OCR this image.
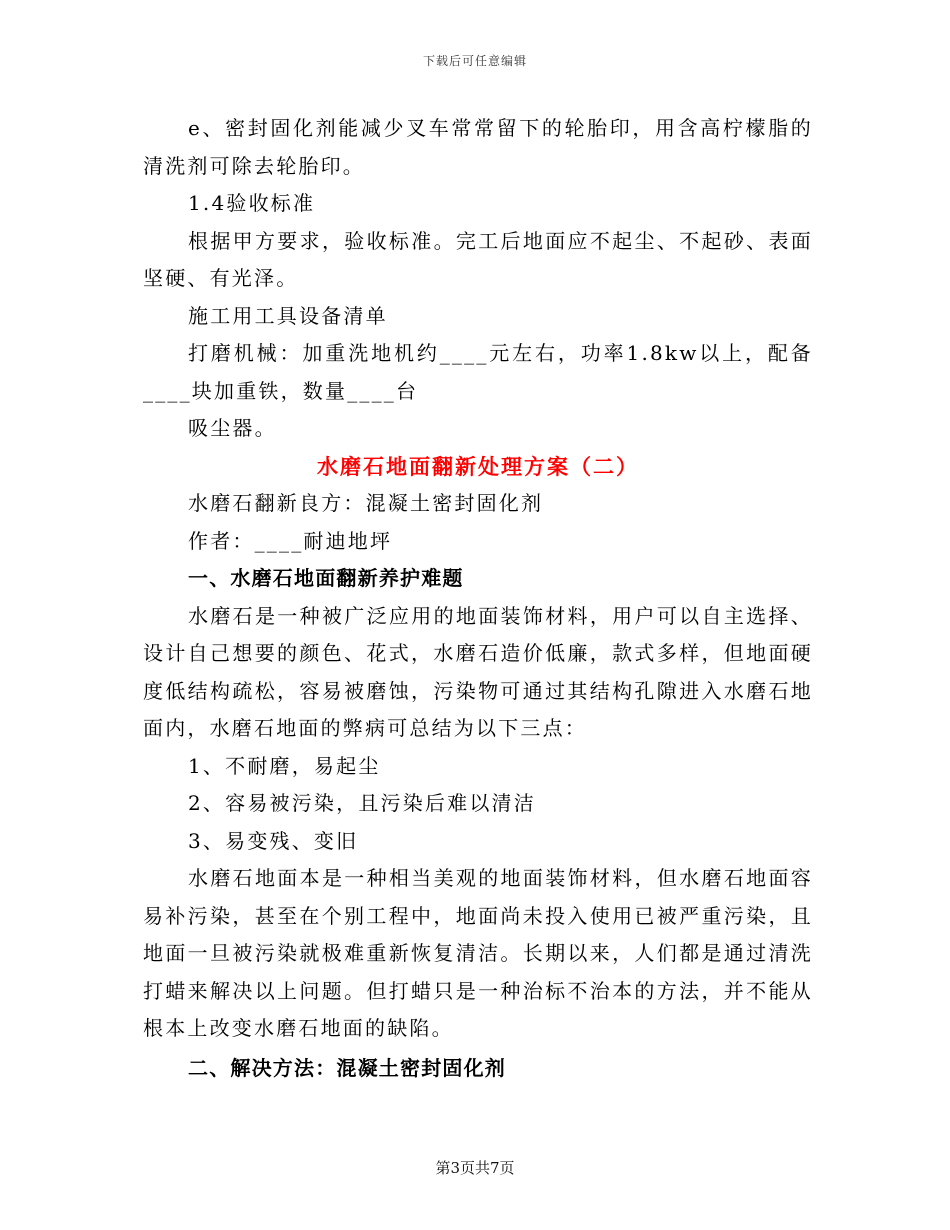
下载后可任意编辑

e、密封固化剂能减少叉车常常留下的轮胎印，用含高柠檬脂的清洗剂可除去轮胎印。

1.4验收标准

根据甲方要求，验收标准。完工后地面应不起尘、不起砂、表面坚硬、有光泽。

施工用工具设备清单

打磨机械：加重洗地机约____元左右，功率1.8kw以上，配备____块加重铁，数量____台

吸尘器。

水磨石地面翻新处理方案（二）

水磨石翻新良方：混凝土密封固化剂

作者：____耐迪地坪

一、水磨石地面翻新养护难题

水磨石是一种被广泛应用的地面装饰材料，用户可以自主选择、设计自己想要的颜色、花式，水磨石造价低廉，款式多样，但地面硬度低结构疏松，容易被磨蚀，污染物可通过其结构孔隙进入水磨石地面内，水磨石地面的弊病可总结为以下三点：

1、不耐磨，易起尘

2、容易被污染，且污染后难以清洁

3、易变残、变旧

水磨石地面本是一种相当美观的地面装饰材料，但水磨石地面容易补污染，甚至在个别工程中，地面尚未投入使用已被严重污染，且地面一旦被污染就极难重新恢复清洁。长期以来，人们都是通过清洗打蜡来解决以上问题。但打蜡只是一种治标不治本的方法，并不能从根本上改变水磨石地面的缺陷。

二、解决方法：混凝土密封固化剂

第3页共7页
